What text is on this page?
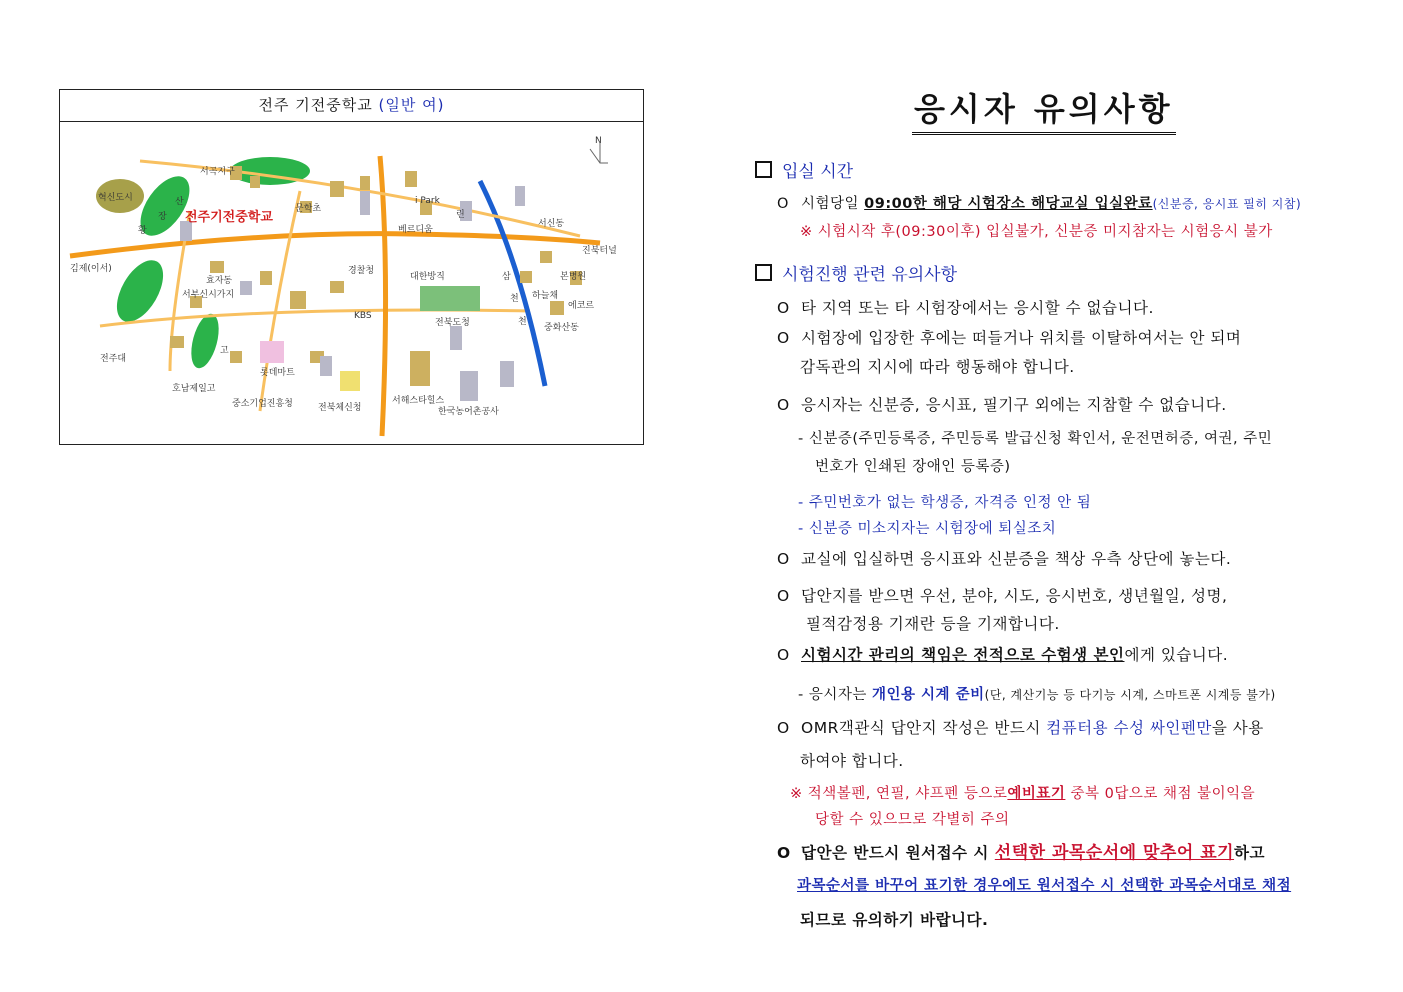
전주 기전중학교 (일반 여)
N
혁신도시
서곡지구
전주기전중학교
문학초
i Park
베르디움
서신동
진북터널
김제(이서)
효자동
서부신시가지
경찰청
대한방직	본병원
하늘채
에코르
KBS
전북도청	중화산동
전주대
고
롯데마트
호남제일고
중소기업진흥청	전북체신청
서해스타힐스
한국농어촌공사
삼
천
천
장
산
황
린
응시자 유의사항
입실 시간
O 시험당일 09:00한 해당 시험장소 해당교실 입실완료(신분증, 응시표 필히 지참)
※ 시험시작 후(09:30이후) 입실불가, 신분증 미지참자는 시험응시 불가
시험진행 관련 유의사항
O 타 지역 또는 타 시험장에서는 응시할 수 없습니다.
O 시험장에 입장한 후에는 떠들거나 위치를 이탈하여서는 안 되며
감독관의 지시에 따라 행동해야 합니다.
O 응시자는 신분증, 응시표, 필기구 외에는 지참할 수 없습니다.
- 신분증(주민등록증, 주민등록 발급신청 확인서, 운전면허증, 여권, 주민
번호가 인쇄된 장애인 등록증)
- 주민번호가 없는 학생증, 자격증 인정 안 됨
- 신분증 미소지자는 시험장에 퇴실조치
O 교실에 입실하면 응시표와 신분증을 책상 우측 상단에 놓는다.
O 답안지를 받으면 우선, 분야, 시도, 응시번호, 생년월일, 성명,
필적감정용 기재란 등을 기재합니다.
O 시험시간 관리의 책임은 전적으로 수험생 본인에게 있습니다.
- 응시자는 개인용 시계 준비(단, 계산기능 등 다기능 시계, 스마트폰 시계등 불가)
O OMR객관식 답안지 작성은 반드시 컴퓨터용 수성 싸인펜만을 사용
하여야 합니다.
※ 적색볼펜, 연필, 샤프펜 등으로예비표기 중복 0답으로 채점 불이익을
당할 수 있으므로 각별히 주의
O 답안은 반드시 원서접수 시 선택한 과목순서에 맞추어 표기하고
과목순서를 바꾸어 표기한 경우에도 원서접수 시 선택한 과목순서대로 채점
되므로 유의하기 바랍니다.
